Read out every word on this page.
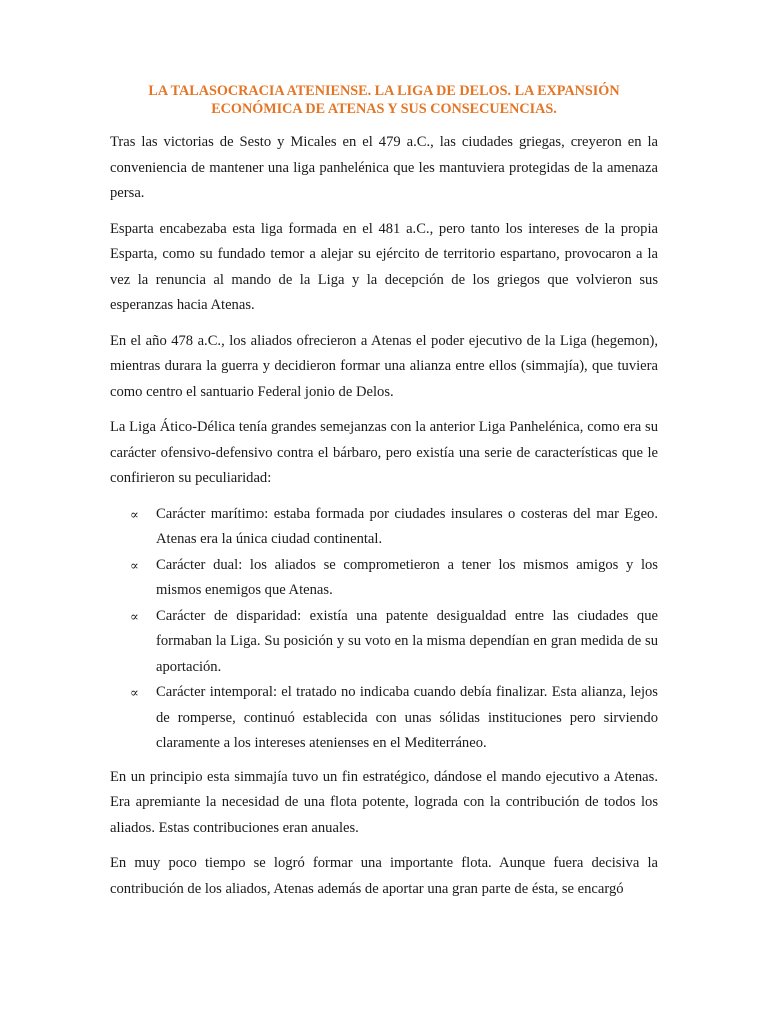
LA TALASOCRACIA ATENIENSE. LA LIGA DE DELOS. LA EXPANSIÓN
ECONÓMICA DE ATENAS Y SUS CONSECUENCIAS.

Tras las victorias de Sesto y Micales en el 479 a.C., las ciudades griegas, creyeron en la conveniencia de mantener una liga panhelénica que les mantuviera protegidas de la amenaza persa.

Esparta encabezaba esta liga formada en el 481 a.C., pero tanto los intereses de la propia Esparta, como su fundado temor a alejar su ejército de territorio espartano, provocaron a la vez la renuncia al mando de la Liga y la decepción de los griegos que volvieron sus esperanzas hacia Atenas.

En el año 478 a.C., los aliados ofrecieron a Atenas el poder ejecutivo de la Liga (hegemon), mientras durara la guerra y decidieron formar una alianza entre ellos (simmajía), que tuviera como centro el santuario Federal jonio de Delos.

La Liga Ático-Délica tenía grandes semejanzas con la anterior Liga Panhelénica, como era su carácter ofensivo-defensivo contra el bárbaro, pero existía una serie de características que le confirieron su peculiaridad:

∝ Carácter marítimo: estaba formada por ciudades insulares o costeras del mar Egeo. Atenas era la única ciudad continental.
∝ Carácter dual: los aliados se comprometieron a tener los mismos amigos y los mismos enemigos que Atenas.
∝ Carácter de disparidad: existía una patente desigualdad entre las ciudades que formaban la Liga. Su posición y su voto en la misma dependían en gran medida de su aportación.
∝ Carácter intemporal: el tratado no indicaba cuando debía finalizar. Esta alianza, lejos de romperse, continuó establecida con unas sólidas instituciones pero sirviendo claramente a los intereses atenienses en el Mediterráneo.

En un principio esta simmajía tuvo un fin estratégico, dándose el mando ejecutivo a Atenas. Era apremiante la necesidad de una flota potente, lograda con la contribución de todos los aliados. Estas contribuciones eran anuales.

En muy poco tiempo se logró formar una importante flota. Aunque fuera decisiva la contribución de los aliados, Atenas además de aportar una gran parte de ésta, se encargó
